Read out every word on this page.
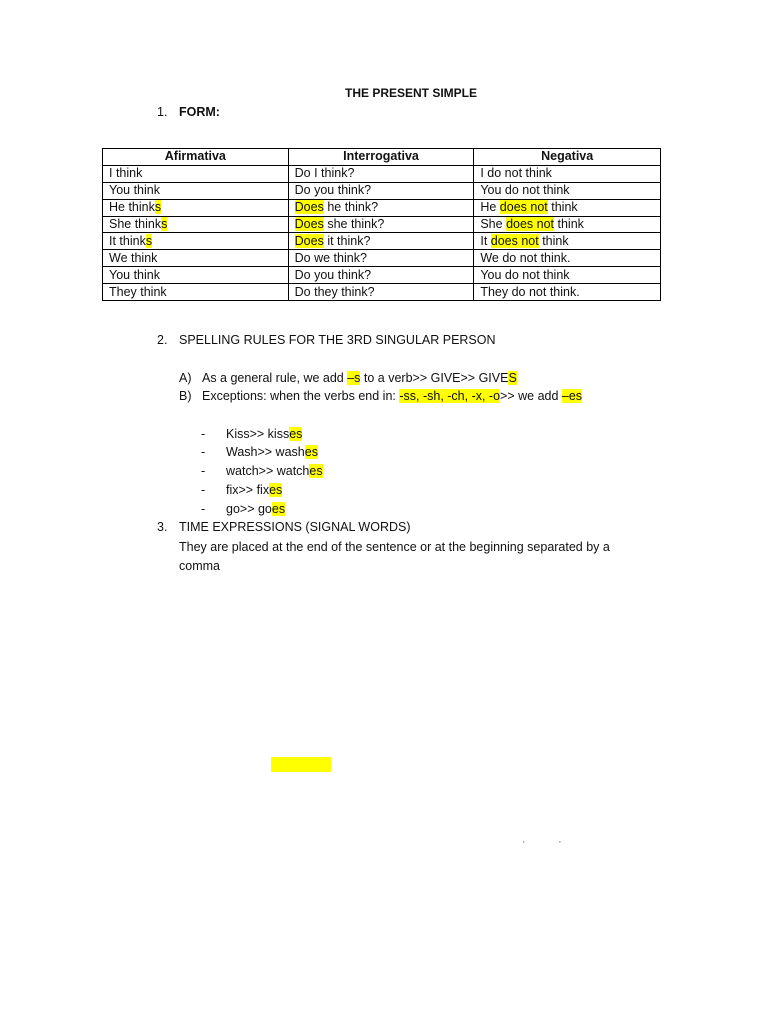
THE PRESENT SIMPLE
1. FORM:
Afirmativa	Interrogativa	Negativa
I think	Do I think?	I do not think
You think	Do you think?	You do not think
He thinks	Does he think?	He does not think
She thinks	Does she think?	She does not think
It thinks	Does it think?	It does not think
We think	Do we think?	We do not think.
You think	Do you think?	You do not think
They think	Do they think?	They do not think.
2. SPELLING RULES FOR THE 3RD SINGULAR PERSON
A) As a general rule, we add –s to a verb>> GIVE>> GIVES
B) Exceptions: when the verbs end in: -ss, -sh, -ch, -x, -o>> we add –es
- Kiss>> kisses
- Wash>> washes
- watch>> watches
- fix>> fixes
- go>> goes
3. TIME EXPRESSIONS (SIGNAL WORDS)
They are placed at the end of the sentence or at the beginning separated by a
comma
‘	’
